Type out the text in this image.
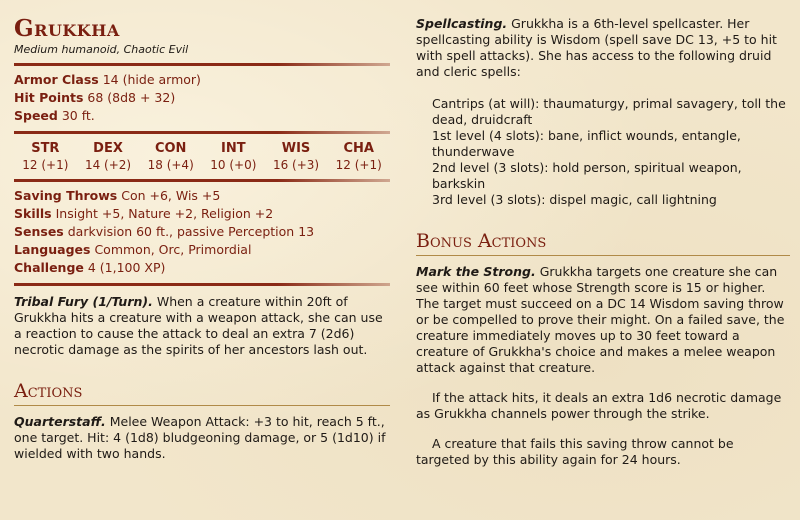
Grukkha
Medium humanoid, Chaotic Evil
Armor Class 14 (hide armor)
Hit Points 68 (8d8 + 32)
Speed 30 ft.
STR
12 (+1)
DEX
14 (+2)
CON
18 (+4)
INT
10 (+0)
WIS
16 (+3)
CHA
12 (+1)
Saving Throws Con +6, Wis +5
Skills Insight +5, Nature +2, Religion +2
Senses darkvision 60 ft., passive Perception 13
Languages Common, Orc, Primordial
Challenge 4 (1,100 XP)

Tribal Fury (1/Turn). When a creature within 20ft of Grukkha hits a creature with a weapon attack, she can use a reaction to cause the attack to deal an extra 7 (2d6) necrotic damage as the spirits of her ancestors lash out.

Actions

Quarterstaff. Melee Weapon Attack: +3 to hit, reach 5 ft., one target. Hit: 4 (1d8) bludgeoning damage, or 5 (1d10) if wielded with two hands.

Spellcasting. Grukkha is a 6th-level spellcaster. Her spellcasting ability is Wisdom (spell save DC 13, +5 to hit with spell attacks). She has access to the following druid and cleric spells:

Cantrips (at will): thaumaturgy, primal savagery, toll the dead, druidcraft
1st level (4 slots): bane, inflict wounds, entangle, thunderwave
2nd level (3 slots): hold person, spiritual weapon, barkskin
3rd level (3 slots): dispel magic, call lightning
Bonus Actions

Mark the Strong. Grukkha targets one creature she can see within 60 feet whose Strength score is 15 or higher. The target must succeed on a DC 14 Wisdom saving throw or be compelled to prove their might. On a failed save, the creature immediately moves up to 30 feet toward a creature of Grukkha's choice and makes a melee weapon attack against that creature.

If the attack hits, it deals an extra 1d6 necrotic damage as Grukkha channels power through the strike.

A creature that fails this saving throw cannot be targeted by this ability again for 24 hours.
